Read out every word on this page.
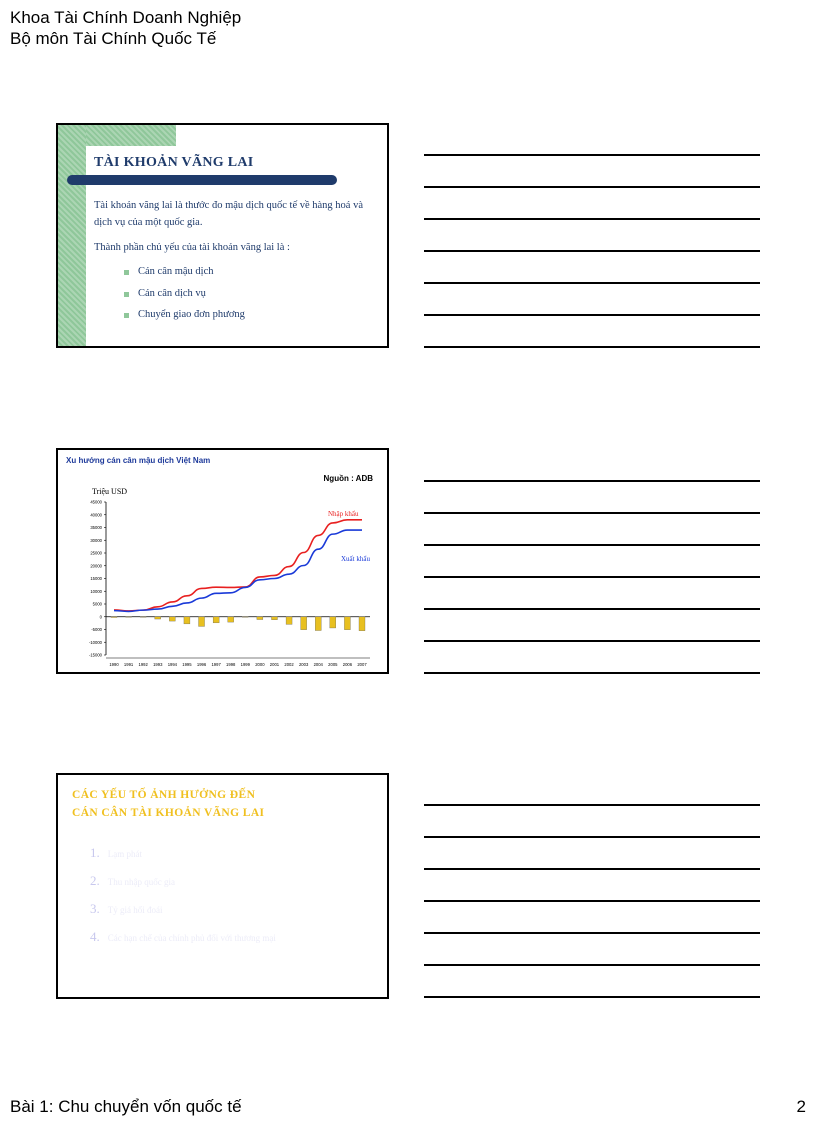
Khoa Tài Chính Doanh Nghiệp
Bộ môn Tài Chính Quốc Tế
TÀI KHOẢN VÃNG LAI
Tài khoản vãng lai là thước đo mậu dịch quốc tế về hàng hoá và dịch vụ của một quốc gia.
Thành phần chủ yếu của tài khoản vãng lai là :
Cán cân mậu dịch
Cán cân dịch vụ
Chuyển giao đơn phương
Xu hướng cán cân mậu dịch Việt Nam
Nguồn : ADB
Triệu USD
-15000
-10000
-5000
0
5000
10000
15000
20000
25000
30000
35000
40000
45000
1990 1991 1992 1993 1994 1995 1996 1997 1998 1999 2000 2001 2002 2003 2004 2005 2006 2007
Nhập khẩu
Xuất khẩu
CÁC YẾU TỐ ẢNH HƯỞNG ĐẾN
CÁN CÂN TÀI KHOẢN VÃNG LAI
1. Lạm phát
2. Thu nhập quốc gia
3. Tỷ giá hối đoái
4. Các hạn chế của chính phủ đối với thương mại
Bài 1: Chu chuyển vốn quốc tế	2
